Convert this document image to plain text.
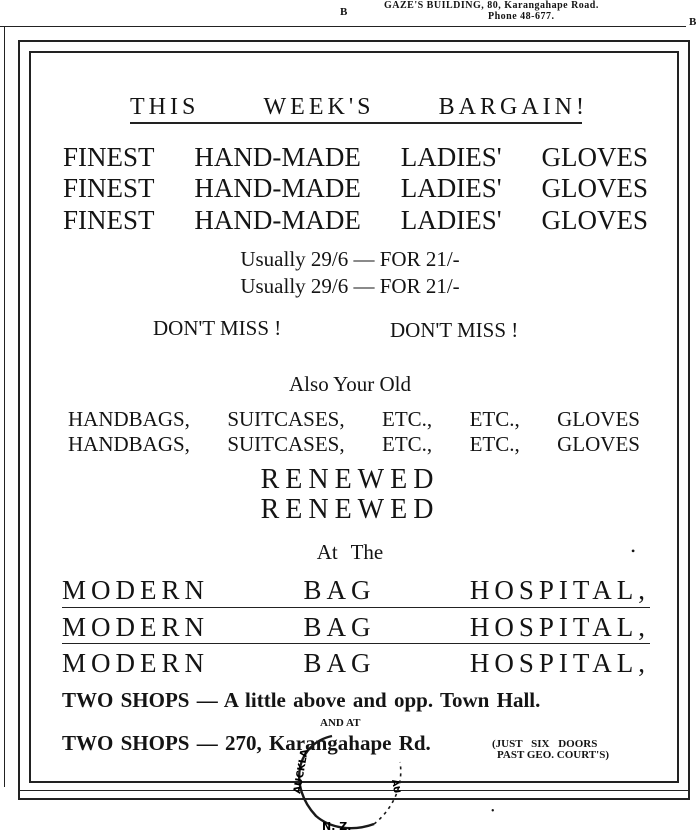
B
GAZE'S BUILDING, 80, Karangahape Road.
Phone 48-677.	B
THIS	WEEK'S	BARGAIN!
FINEST HAND-MADE LADIES' GLOVES
FINEST HAND-MADE LADIES' GLOVES
FINEST HAND-MADE LADIES' GLOVES
Usually 29/6 — FOR 21/-
Usually 29/6 — FOR 21/-
DON'T MISS !	DON'T MISS !
Also Your Old
HANDBAGS, SUITCASES, ETC., ETC., GLOVES
HANDBAGS, SUITCASES, ETC., ETC., GLOVES
RENEWED
RENEWED
At The	•
MODERN	BAG	HOSPITAL,
MODERN	BAG	HOSPITAL,
MODERN	BAG	HOSPITAL,
TWO SHOPS — A little above and opp. Town Hall.
AND AT
TWO SHOPS — 270, Karangahape Rd.	(JUST SIX DOORS
PAST GEO. COURT'S)
AUCKLA	AU
N. Z.
•
